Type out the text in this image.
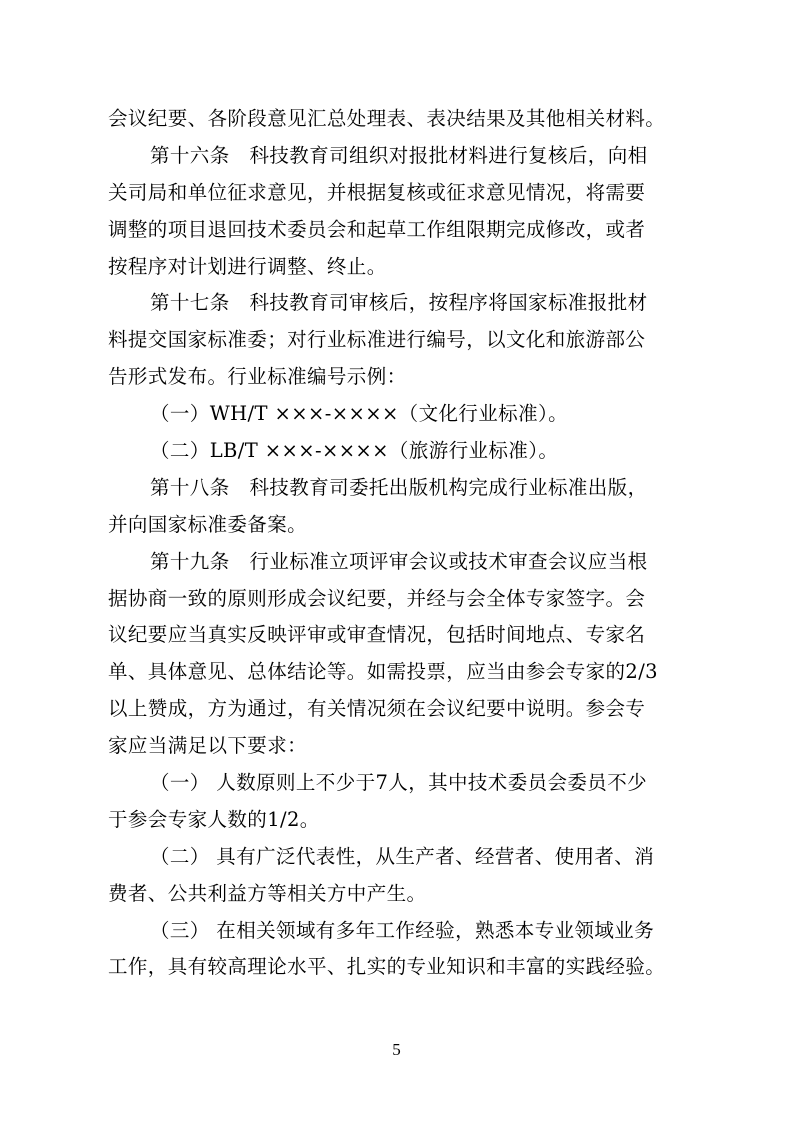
会议纪要、各阶段意见汇总处理表、表决结果及其他相关材料。
第十六条　科技教育司组织对报批材料进行复核后，向相
关司局和单位征求意见，并根据复核或征求意见情况，将需要
调整的项目退回技术委员会和起草工作组限期完成修改，或者
按程序对计划进行调整、终止。
第十七条　科技教育司审核后，按程序将国家标准报批材
料提交国家标准委；对行业标准进行编号，以文化和旅游部公
告形式发布。行业标准编号示例：
（一）WH/T ×××-××××（文化行业标准）。
（二）LB/T ×××-××××（旅游行业标准）。
第十八条　科技教育司委托出版机构完成行业标准出版，
并向国家标准委备案。
第十九条　行业标准立项评审会议或技术审查会议应当根
据协商一致的原则形成会议纪要，并经与会全体专家签字。会
议纪要应当真实反映评审或审查情况，包括时间地点、专家名
单、具体意见、总体结论等。如需投票，应当由参会专家的2/3
以上赞成，方为通过，有关情况须在会议纪要中说明。参会专
家应当满足以下要求：
（一） 人数原则上不少于7人，其中技术委员会委员不少
于参会专家人数的1/2。
（二） 具有广泛代表性，从生产者、经营者、使用者、消
费者、公共利益方等相关方中产生。
（三） 在相关领域有多年工作经验，熟悉本专业领域业务
工作，具有较高理论水平、扎实的专业知识和丰富的实践经验。
5
